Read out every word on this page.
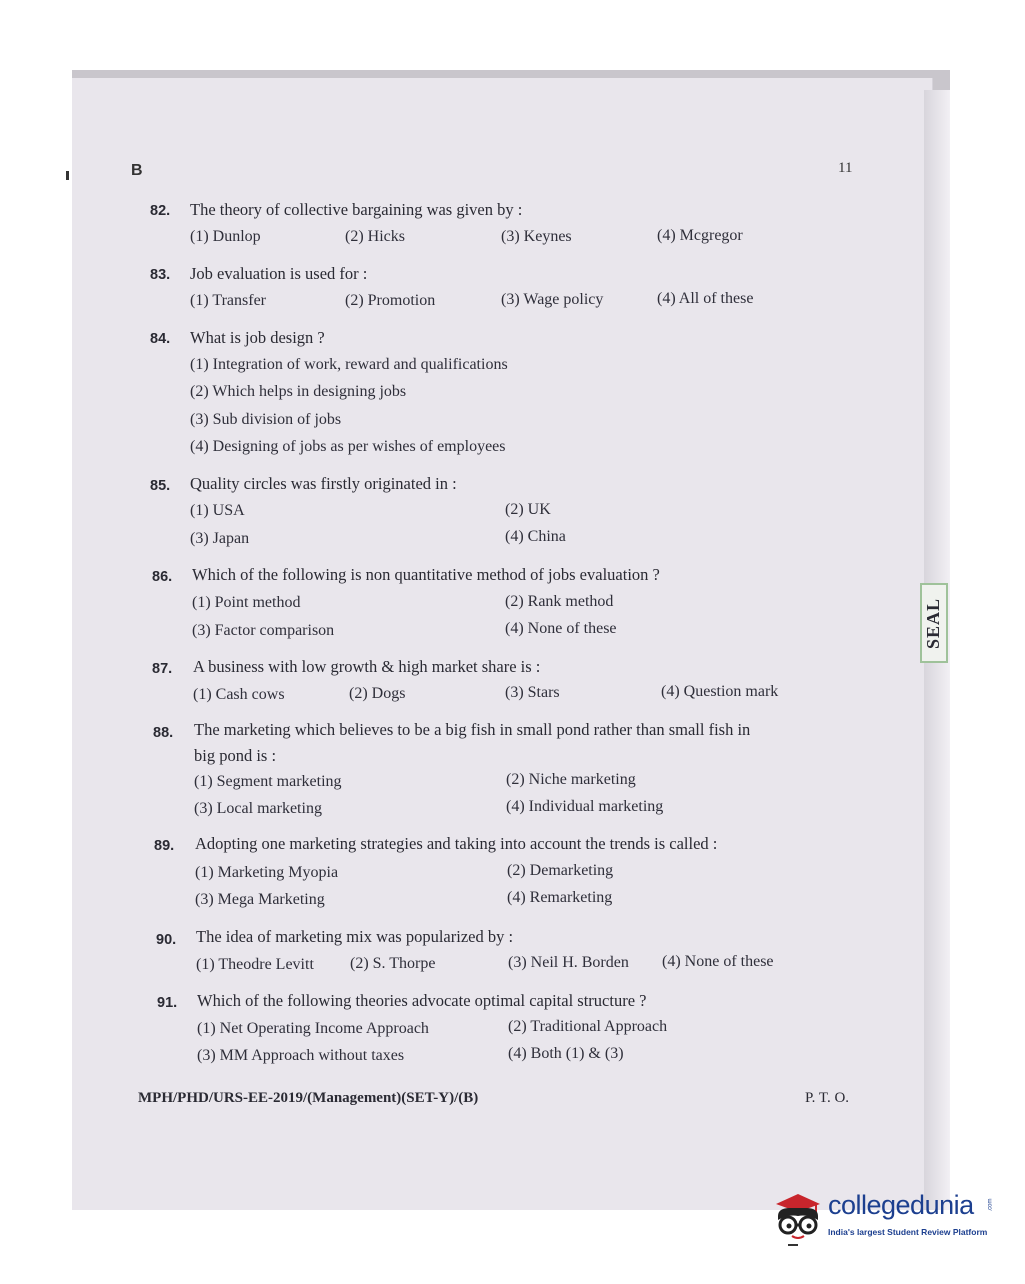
B	11
82. The theory of collective bargaining was given by :
(1) Dunlop	(2) Hicks	(3) Keynes	(4) Mcgregor
83. Job evaluation is used for :
(1) Transfer	(2) Promotion	(3) Wage policy	(4) All of these
84. What is job design ?
(1) Integration of work, reward and qualifications
(2) Which helps in designing jobs
(3) Sub division of jobs
(4) Designing of jobs as per wishes of employees
85. Quality circles was firstly originated in :
(1) USA	(2) UK
(3) Japan	(4) China
86. Which of the following is non quantitative method of jobs evaluation ?
(1) Point method	(2) Rank method
(3) Factor comparison	(4) None of these
87. A business with low growth & high market share is :
(1) Cash cows	(2) Dogs	(3) Stars	(4) Question mark
88. The marketing which believes to be a big fish in small pond rather than small fish in
big pond is :
(1) Segment marketing	(2) Niche marketing
(3) Local marketing	(4) Individual marketing
89. Adopting one marketing strategies and taking into account the trends is called :
(1) Marketing Myopia	(2) Demarketing
(3) Mega Marketing	(4) Remarketing
90. The idea of marketing mix was popularized by :
(1) Theodre Levitt (2) S. Thorpe	(3) Neil H. Borden (4) None of these
91. Which of the following theories advocate optimal capital structure ?
(1) Net Operating Income Approach	(2) Traditional Approach
(3) MM Approach without taxes	(4) Both (1) & (3)
SEAL
MPH/PHD/URS-EE-2019/(Management)(SET-Y)/(B)	P. T. O.
collegedunia .com
India's largest Student Review Platform
